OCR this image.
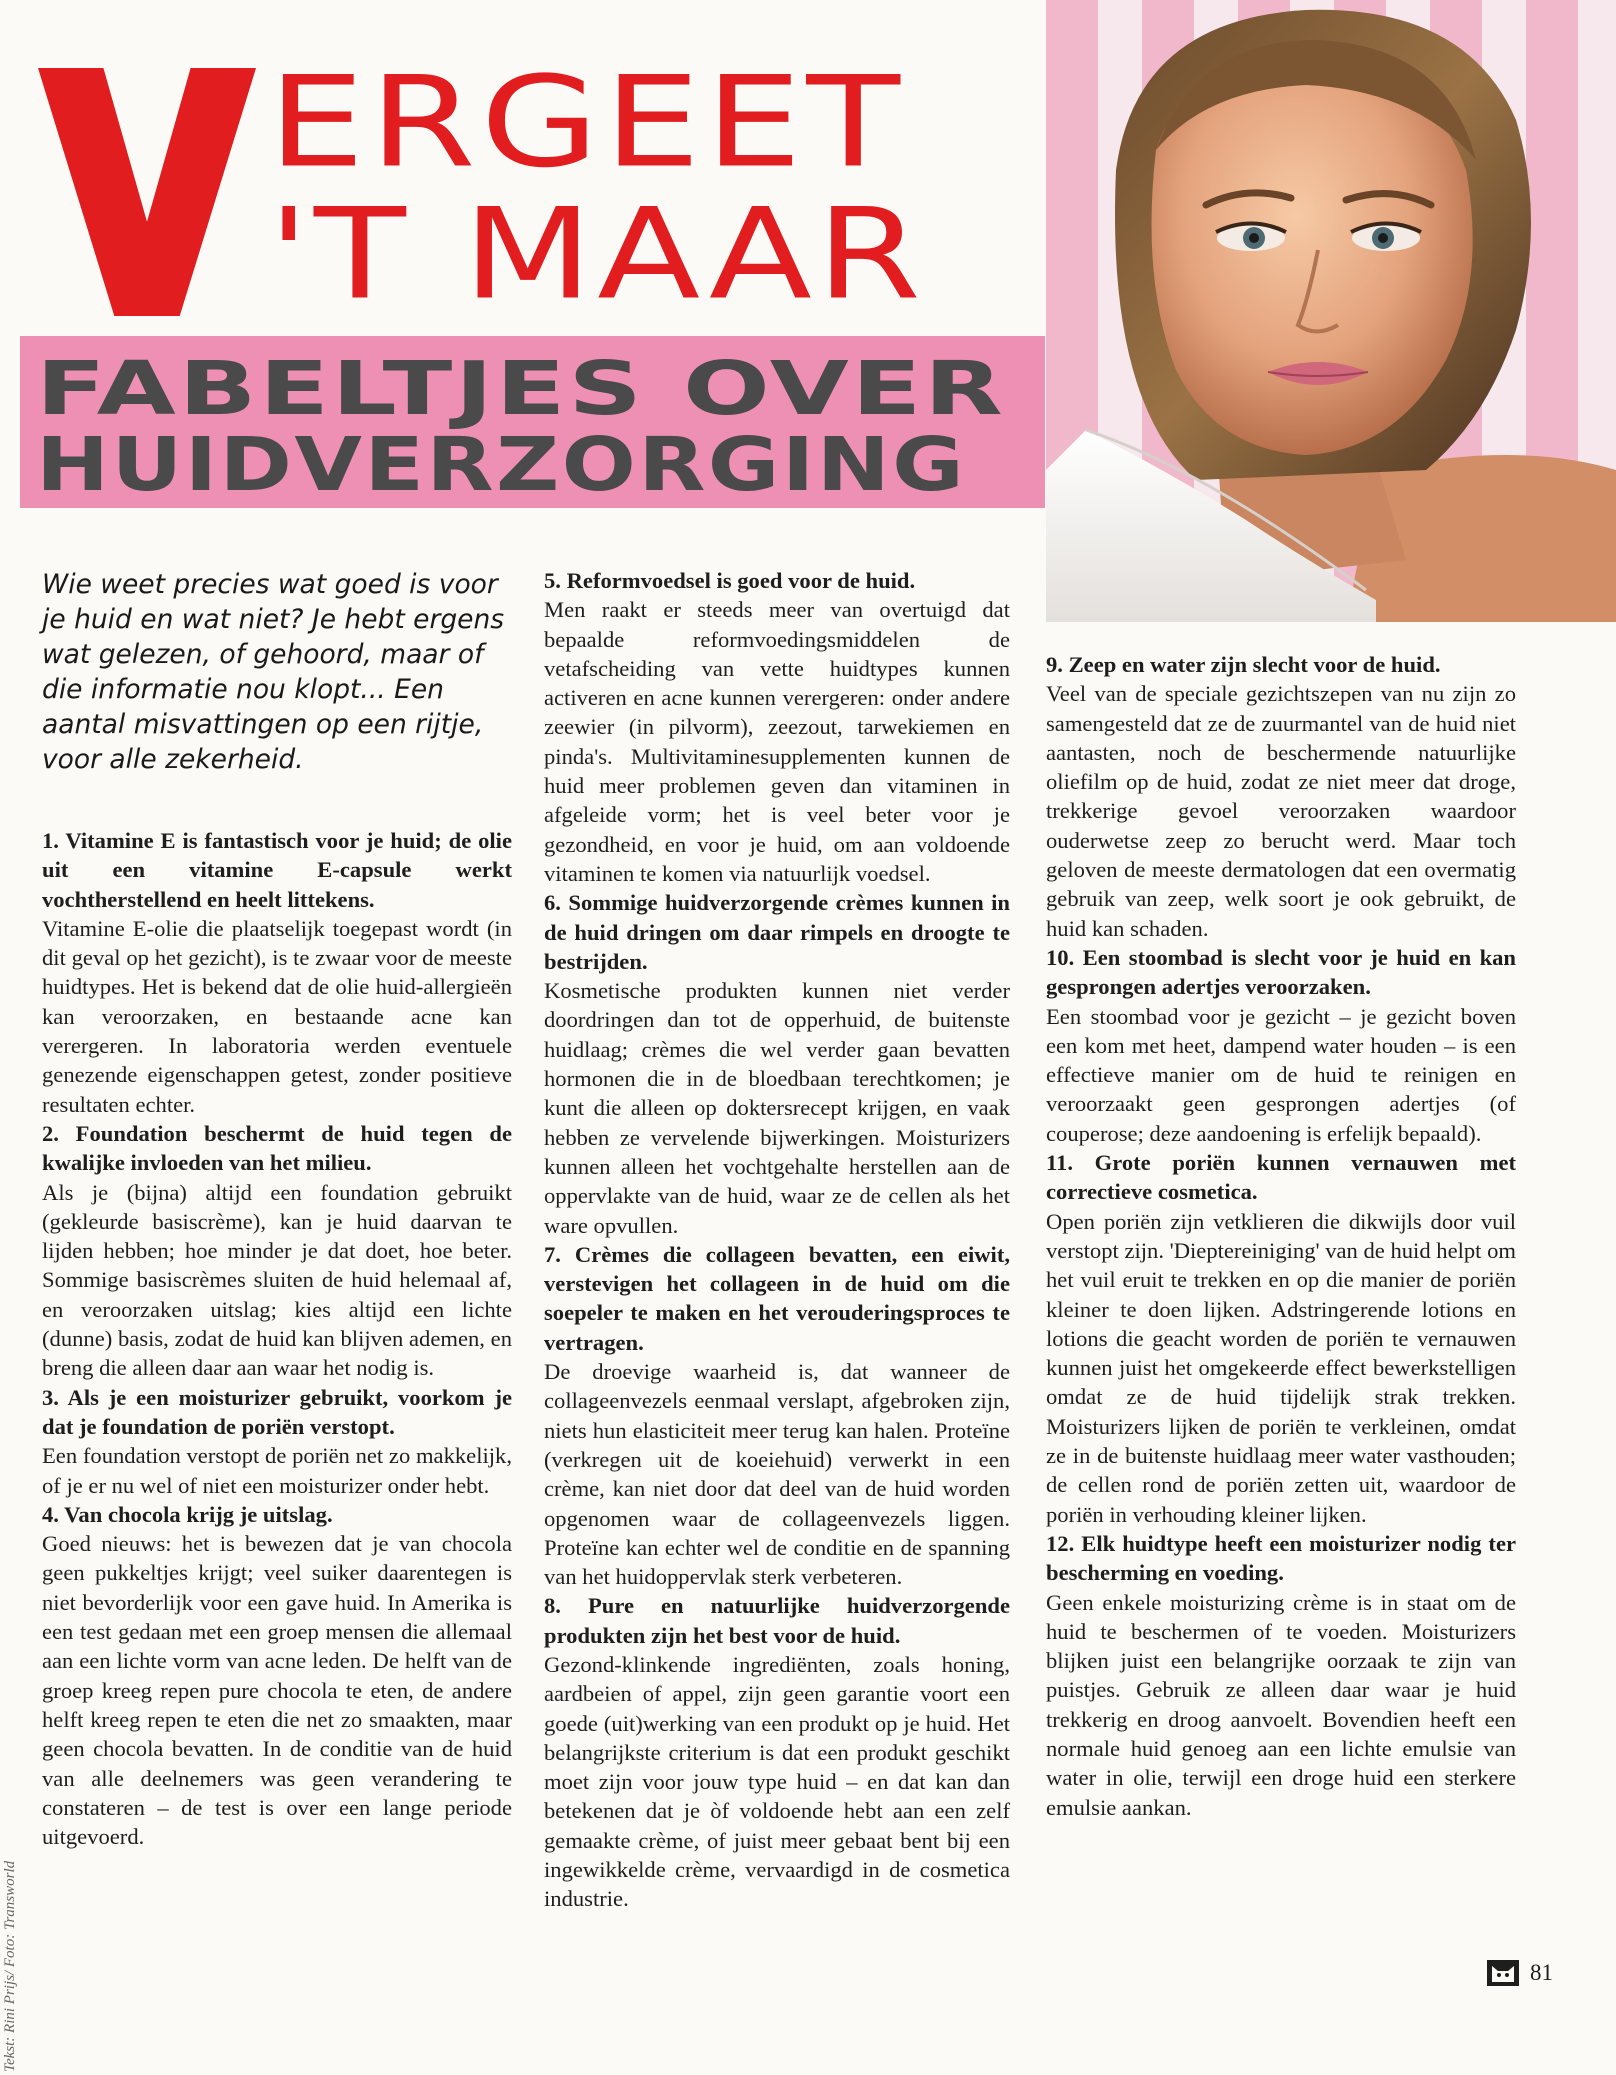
ERGEET
'T MAAR
FABELTJES OVER
HUIDVERZORGING
Wie weet precies wat goed is voor je huid en wat niet? Je hebt ergens wat gelezen, of gehoord, maar of die informatie nou klopt... Een aantal misvattingen op een rijtje, voor alle zekerheid.

1. Vitamine E is fantastisch voor je huid; de olie uit een vitamine E-capsule werkt vochtherstellend en heelt littekens.
Vitamine E-olie die plaatselijk toegepast wordt (in dit geval op het gezicht), is te zwaar voor de meeste huidtypes. Het is bekend dat de olie huid-allergieën kan veroorzaken, en bestaande acne kan verergeren. In laboratoria werden eventuele genezende eigenschappen getest, zonder positieve resultaten echter.

2. Foundation beschermt de huid tegen de kwalijke invloeden van het milieu.
Als je (bijna) altijd een foundation gebruikt (gekleurde basiscrème), kan je huid daarvan te lijden hebben; hoe minder je dat doet, hoe beter. Sommige basiscrèmes sluiten de huid helemaal af, en veroorzaken uitslag; kies altijd een lichte (dunne) basis, zodat de huid kan blijven ademen, en breng die alleen daar aan waar het nodig is.

3. Als je een moisturizer gebruikt, voorkom je dat je foundation de poriën verstopt.
Een foundation verstopt de poriën net zo makkelijk, of je er nu wel of niet een moisturizer onder hebt.

4. Van chocola krijg je uitslag.
Goed nieuws: het is bewezen dat je van chocola geen pukkeltjes krijgt; veel suiker daarentegen is niet bevorderlijk voor een gave huid. In Amerika is een test gedaan met een groep mensen die allemaal aan een lichte vorm van acne leden. De helft van de groep kreeg repen pure chocola te eten, de andere helft kreeg repen te eten die net zo smaakten, maar geen chocola bevatten. In de conditie van de huid van alle deelnemers was geen verandering te constateren – de test is over een lange periode uitgevoerd.

5. Reformvoedsel is goed voor de huid.
Men raakt er steeds meer van overtuigd dat bepaalde reformvoedingsmiddelen de vetafscheiding van vette huidtypes kunnen activeren en acne kunnen verergeren: onder andere zeewier (in pilvorm), zeezout, tarwekiemen en pinda's. Multivitaminesupplementen kunnen de huid meer problemen geven dan vitaminen in afgeleide vorm; het is veel beter voor je gezondheid, en voor je huid, om aan voldoende vitaminen te komen via natuurlijk voedsel.

6. Sommige huidverzorgende crèmes kunnen in de huid dringen om daar rimpels en droogte te bestrijden.
Kosmetische produkten kunnen niet verder doordringen dan tot de opperhuid, de buitenste huidlaag; crèmes die wel verder gaan bevatten hormonen die in de bloedbaan terechtkomen; je kunt die alleen op doktersrecept krijgen, en vaak hebben ze vervelende bijwerkingen. Moisturizers kunnen alleen het vochtgehalte herstellen aan de oppervlakte van de huid, waar ze de cellen als het ware opvullen.

7. Crèmes die collageen bevatten, een eiwit, verstevigen het collageen in de huid om die soepeler te maken en het verouderingsproces te vertragen.
De droevige waarheid is, dat wanneer de collageenvezels eenmaal verslapt, afgebroken zijn, niets hun elasticiteit meer terug kan halen. Proteïne (verkregen uit de koeiehuid) verwerkt in een crème, kan niet door dat deel van de huid worden opgenomen waar de collageenvezels liggen. Proteïne kan echter wel de conditie en de spanning van het huidoppervlak sterk verbeteren.

8. Pure en natuurlijke huidverzorgende produkten zijn het best voor de huid.
Gezond-klinkende ingrediënten, zoals honing, aardbeien of appel, zijn geen garantie voort een goede (uit)werking van een produkt op je huid. Het belangrijkste criterium is dat een produkt geschikt moet zijn voor jouw type huid – en dat kan dan betekenen dat je òf voldoende hebt aan een zelf gemaakte crème, of juist meer gebaat bent bij een ingewikkelde crème, vervaardigd in de cosmetica industrie.

9. Zeep en water zijn slecht voor de huid.
Veel van de speciale gezichtszepen van nu zijn zo samengesteld dat ze de zuurmantel van de huid niet aantasten, noch de beschermende natuurlijke oliefilm op de huid, zodat ze niet meer dat droge, trekkerige gevoel veroorzaken waardoor ouderwetse zeep zo berucht werd. Maar toch geloven de meeste dermatologen dat een overmatig gebruik van zeep, welk soort je ook gebruikt, de huid kan schaden.

10. Een stoombad is slecht voor je huid en kan gesprongen adertjes veroorzaken.
Een stoombad voor je gezicht – je gezicht boven een kom met heet, dampend water houden – is een effectieve manier om de huid te reinigen en veroorzaakt geen gesprongen adertjes (of couperose; deze aandoening is erfelijk bepaald).

11. Grote poriën kunnen vernauwen met correctieve cosmetica.
Open poriën zijn vetklieren die dikwijls door vuil verstopt zijn. 'Dieptereiniging' van de huid helpt om het vuil eruit te trekken en op die manier de poriën kleiner te doen lijken. Adstringerende lotions en lotions die geacht worden de poriën te vernauwen kunnen juist het omgekeerde effect bewerkstelligen omdat ze de huid tijdelijk strak trekken. Moisturizers lijken de poriën te verkleinen, omdat ze in de buitenste huidlaag meer water vasthouden; de cellen rond de poriën zetten uit, waardoor de poriën in verhouding kleiner lijken.

12. Elk huidtype heeft een moisturizer nodig ter bescherming en voeding.
Geen enkele moisturizing crème is in staat om de huid te beschermen of te voeden. Moisturizers blijken juist een belangrijke oorzaak te zijn van puistjes. Gebruik ze alleen daar waar je huid trekkerig en droog aanvoelt. Bovendien heeft een normale huid genoeg aan een lichte emulsie van water in olie, terwijl een droge huid een sterkere emulsie aankan.

Tekst: Rini Prijs/ Foto: Transworld	81
